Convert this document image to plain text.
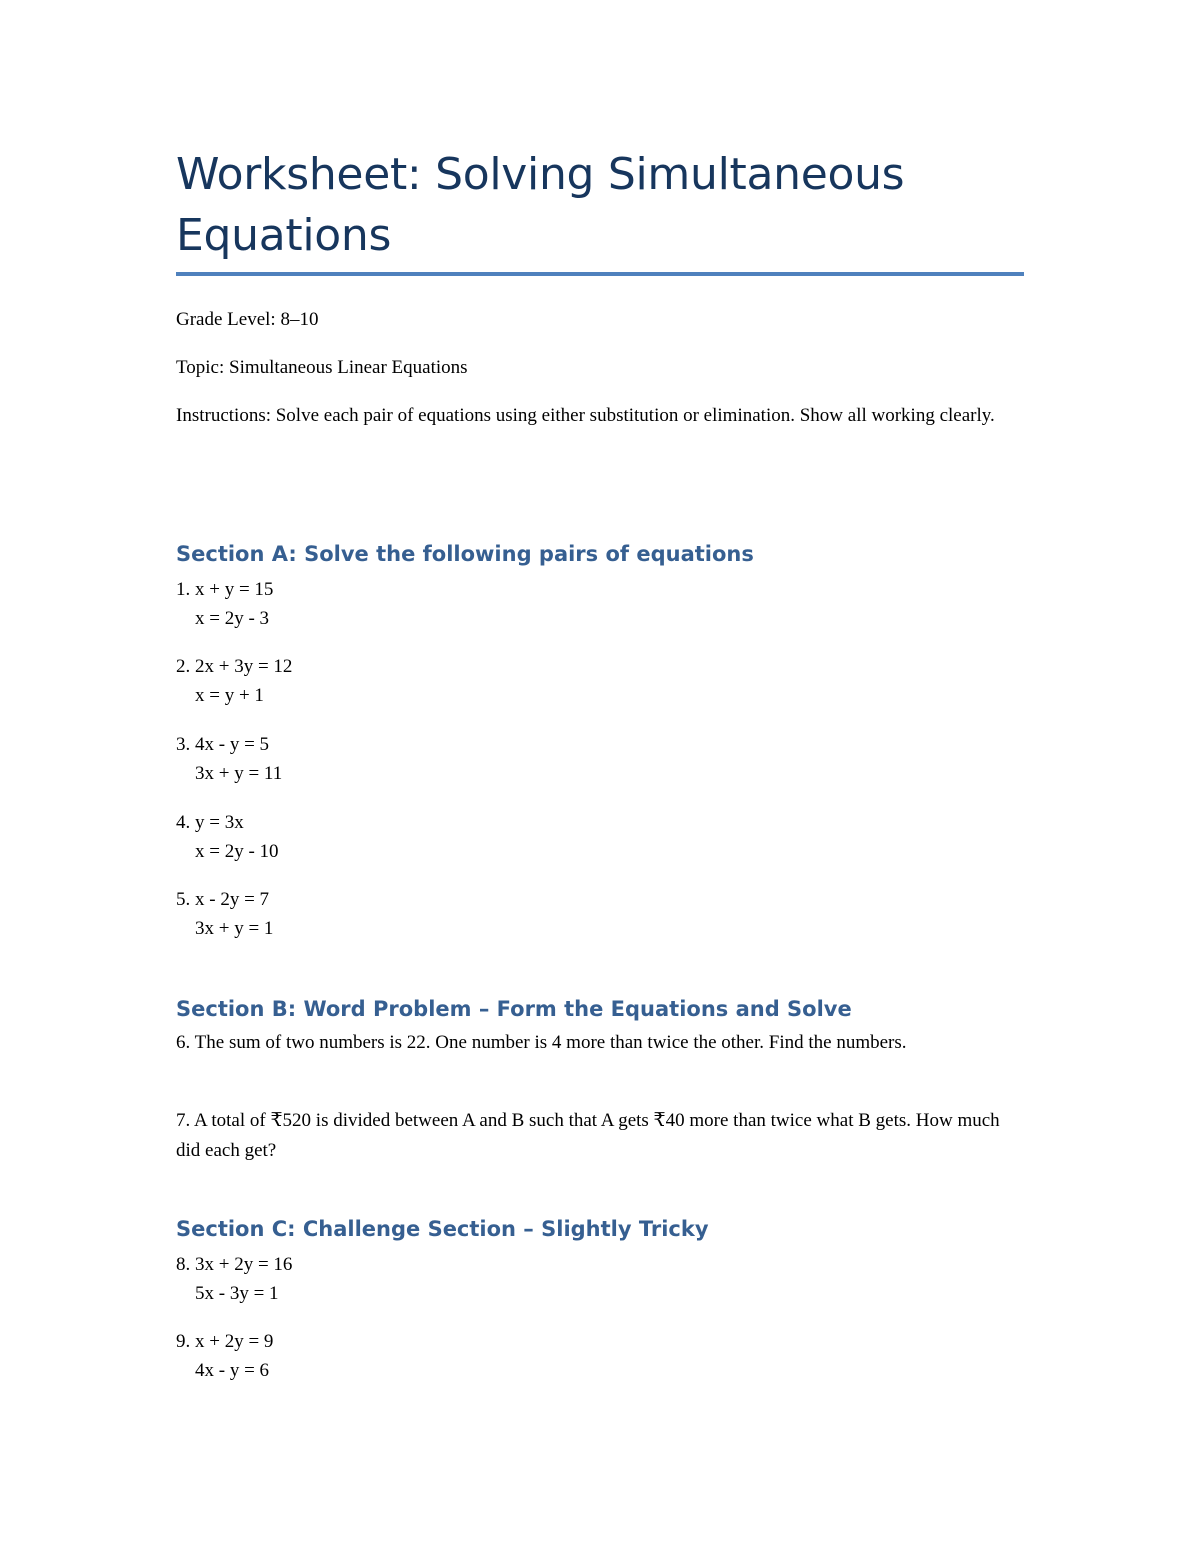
Worksheet: Solving Simultaneous Equations
Grade Level: 8–10
Topic: Simultaneous Linear Equations
Instructions: Solve each pair of equations using either substitution or elimination. Show all working clearly.
Section A: Solve the following pairs of equations
1. x + y = 15
x = 2y - 3
2. 2x + 3y = 12
x = y + 1
3. 4x - y = 5
3x + y = 11
4. y = 3x
x = 2y - 10
5. x - 2y = 7
3x + y = 1
Section B: Word Problem – Form the Equations and Solve
6. The sum of two numbers is 22. One number is 4 more than twice the other. Find the numbers.
7. A total of ₹520 is divided between A and B such that A gets ₹40 more than twice what B gets. How much did each get?
Section C: Challenge Section – Slightly Tricky
8. 3x + 2y = 16
5x - 3y = 1
9. x + 2y = 9
4x - y = 6
